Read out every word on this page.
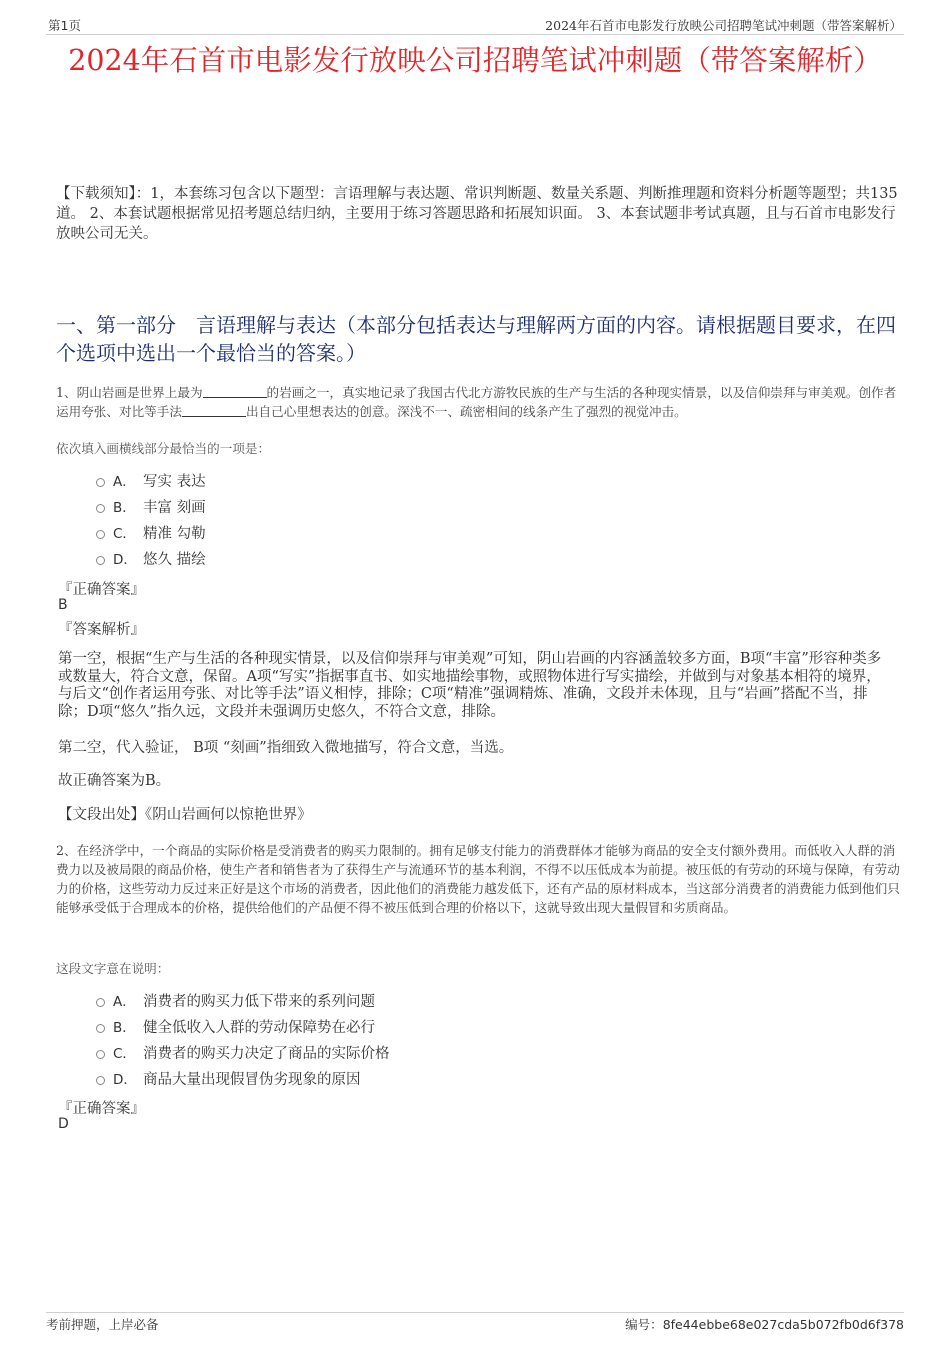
第1页	2024年石首市电影发行放映公司招聘笔试冲刺题（带答案解析）
2024年石首市电影发行放映公司招聘笔试冲刺题（带答案解析）
【下载须知】：1，本套练习包含以下题型：言语理解与表达题、常识判断题、数量关系题、判断推理题和资料分析题等题型；共135道。 2、本套试题根据常见招考题总结归纳，主要用于练习答题思路和拓展知识面。 3、本套试题非考试真题，且与石首市电影发行放映公司无关。
一、第一部分　言语理解与表达（本部分包括表达与理解两方面的内容。请根据题目要求，在四个选项中选出一个最恰当的答案。）
1、阴山岩画是世界上最为	的岩画之一，真实地记录了我国古代北方游牧民族的生产与生活的各种现实情景，以及信仰崇拜与审美观。创作者运用夸张、对比等手法	出自己心里想表达的创意。深浅不一、疏密相间的线条产生了强烈的视觉冲击。
依次填入画横线部分最恰当的一项是：
A． 写实 表达
B． 丰富 刻画
C． 精准 勾勒
D． 悠久 描绘
『正确答案』
B
『答案解析』
第一空，根据“生产与生活的各种现实情景，以及信仰崇拜与审美观”可知，阴山岩画的内容涵盖较多方面，B项“丰富”形容种类多或数量大，符合文意，保留。A项“写实”指据事直书、如实地描绘事物，或照物体进行写实描绘，并做到与对象基本相符的境界，与后文“创作者运用夸张、对比等手法”语义相悖，排除；C项“精准”强调精炼、准确，文段并未体现，且与“岩画”搭配不当，排除；D项“悠久”指久远，文段并未强调历史悠久，不符合文意，排除。
第二空，代入验证， B项 “刻画”指细致入微地描写，符合文意，当选。
故正确答案为B。
【文段出处】《阴山岩画何以惊艳世界》
2、在经济学中，一个商品的实际价格是受消费者的购买力限制的。拥有足够支付能力的消费群体才能够为商品的安全支付额外费用。而低收入人群的消费力以及被局限的商品价格，使生产者和销售者为了获得生产与流通环节的基本利润，不得不以压低成本为前提。被压低的有劳动的环境与保障，有劳动力的价格，这些劳动力反过来正好是这个市场的消费者，因此他们的消费能力越发低下，还有产品的原材料成本，当这部分消费者的消费能力低到他们只能够承受低于合理成本的价格，提供给他们的产品便不得不被压低到合理的价格以下，这就导致出现大量假冒和劣质商品。
这段文字意在说明：
A． 消费者的购买力低下带来的系列问题
B． 健全低收入人群的劳动保障势在必行
C． 消费者的购买力决定了商品的实际价格
D． 商品大量出现假冒伪劣现象的原因
『正确答案』
D
考前押题，上岸必备	编号：8fe44ebbe68e027cda5b072fb0d6f378
